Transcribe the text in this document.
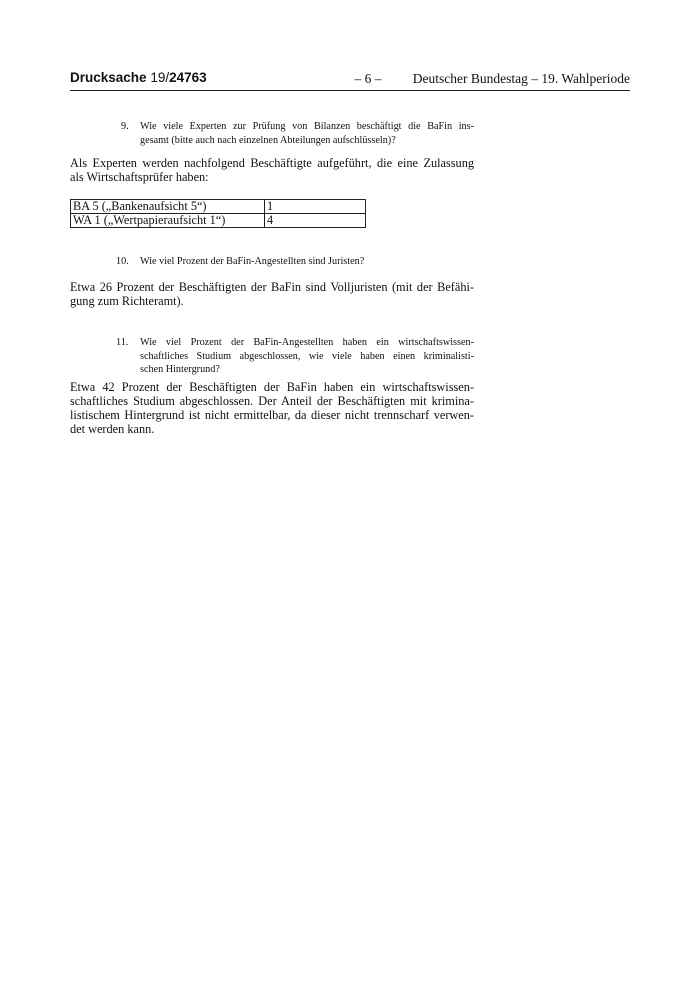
Drucksache 19/24763	– 6 –	Deutscher Bundestag – 19. Wahlperiode
9. Wie viele Experten zur Prüfung von Bilanzen beschäftigt die BaFin ins-
gesamt (bitte auch nach einzelnen Abteilungen aufschlüsseln)?
Als Experten werden nachfolgend Beschäftigte aufgeführt, die eine Zulassung
als Wirtschaftsprüfer haben:
BA 5 („Bankenaufsicht 5“)	1
WA 1 („Wertpapieraufsicht 1“)	4
10. Wie viel Prozent der BaFin-Angestellten sind Juristen?
Etwa 26 Prozent der Beschäftigten der BaFin sind Volljuristen (mit der Befähi-
gung zum Richteramt).
11. Wie viel Prozent der BaFin-Angestellten haben ein wirtschaftswissen-
schaftliches Studium abgeschlossen, wie viele haben einen kriminalisti-
schen Hintergrund?
Etwa 42 Prozent der Beschäftigten der BaFin haben ein wirtschaftswissen-
schaftliches Studium abgeschlossen. Der Anteil der Beschäftigten mit krimina-
listischem Hintergrund ist nicht ermittelbar, da dieser nicht trennscharf verwen-
det werden kann.
